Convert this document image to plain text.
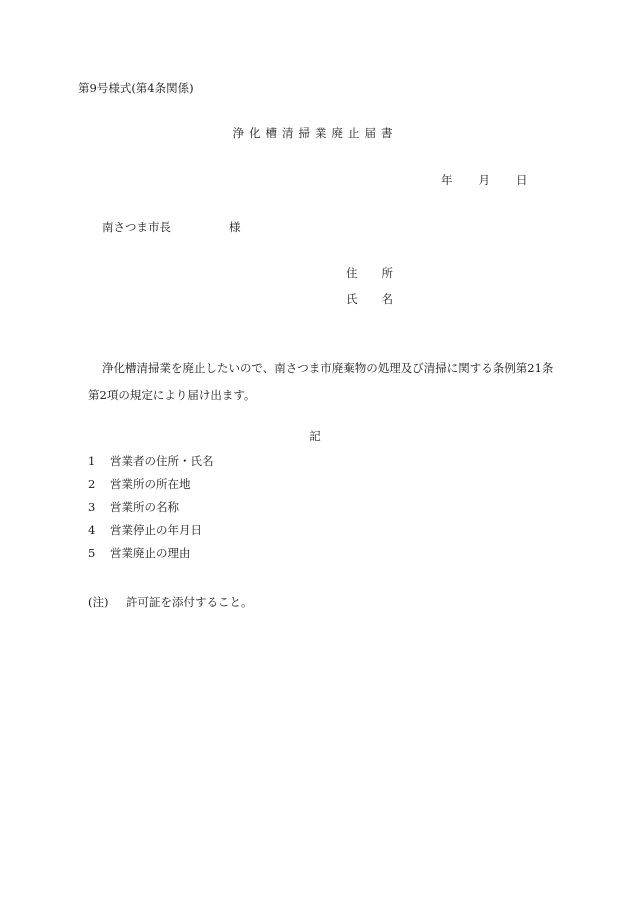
第9号様式(第4条関係)
浄化槽清掃業廃止届書
年 月 日
南さつま市長	様
住 所
氏 名
浄化槽清掃業を廃止したいので、南さつま市廃棄物の処理及び清掃に関する条例第21条第2項の規定により届け出ます。
記
1 営業者の住所・氏名
2 営業所の所在地
3 営業所の名称
4 営業停止の年月日
5 営業廃止の理由
(注) 許可証を添付すること。
